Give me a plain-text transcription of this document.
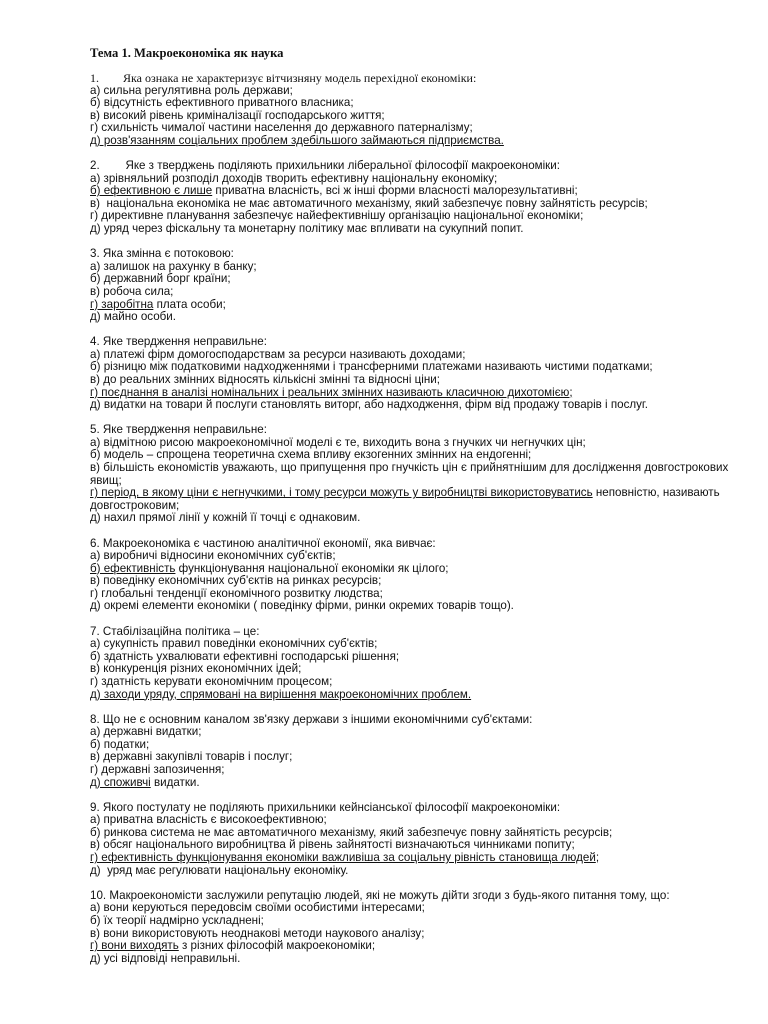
Тема 1. Макроекономіка як наука
1.        Яка ознака не характеризує вітчизняну модель перехідної економіки:
а) сильна регулятивна роль держави;
б) відсутність ефективного приватного власника;
в) високий рівень криміналізації господарського життя;
г) схильність чималої частини населення до державного патерналізму;
д) розв'язанням соціальних проблем здебільшого займаються підприємства.
2.        Яке з тверджень поділяють прихильники ліберальної філософії макроекономіки:
а) зрівняльний розподіл доходів творить ефективну національну економіку;
б) ефективною є лише приватна власність, всі ж інші форми власності малорезультативні;
в)  національна економіка не має автоматичного механізму, який забезпечує повну зайнятість ресурсів;
г) директивне планування забезпечує найефективнішу організацію національної економіки;
д) уряд через фіскальну та монетарну політику має впливати на сукупний попит.
3. Яка змінна є потоковою:
а) залишок на рахунку в банку;
б) державний борг країни;
в) робоча сила;
г) заробітна плата особи;
д) майно особи.
4. Яке твердження неправильне:
а) платежі фірм домогосподарствам за ресурси називають доходами;
б) різницю між податковими надходженнями і трансферними платежами називають чистими податками;
в) до реальних змінних відносять кількісні змінні та відносні ціни;
г) поєднання в аналізі номінальних і реальних змінних називають класичною дихотомією;
д) видатки на товари й послуги становлять виторг, або надходження, фірм від продажу товарів і послуг.
5. Яке твердження неправильне:
а) відмітною рисою макроекономічної моделі є те, виходить вона з гнучких чи негнучких цін;
б) модель – спрощена теоретична схема впливу екзогенних змінних на ендогенні;
в) більшість економістів уважають, що припущення про гнучкість цін є прийнятнішим для дослідження довгострокових явищ;
г) період, в якому ціни є негнучкими, і тому ресурси можуть у виробництві використовуватись неповністю, називають довгостроковим;
д) нахил прямої лінії у кожній її точці є однаковим.
6. Макроекономіка є частиною аналітичної економії, яка вивчає:
а) виробничі відносини економічних суб'єктів;
б) ефективність функціонування національної економіки як цілого;
в) поведінку економічних суб'єктів на ринках ресурсів;
г) глобальні тенденції економічного розвитку людства;
д) окремі елементи економіки ( поведінку фірми, ринки окремих товарів тощо).
7. Стабілізаційна політика – це:
а) сукупність правил поведінки економічних суб'єктів;
б) здатність ухвалювати ефективні господарські рішення;
в) конкуренція різних економічних ідей;
г) здатність керувати економічним процесом;
д) заходи уряду, спрямовані на вирішення макроекономічних проблем.
8. Що не є основним каналом зв'язку держави з іншими економічними суб'єктами:
а) державні видатки;
б) податки;
в) державні закупівлі товарів і послуг;
г) державні запозичення;
д) споживчі видатки.
9. Якого постулату не поділяють прихильники кейнсіанської філософії макроекономіки:
а) приватна власність є високоефективною;
б) ринкова система не має автоматичного механізму, який забезпечує повну зайнятість ресурсів;
в) обсяг національного виробництва й рівень зайнятості визначаються чинниками попиту;
г) ефективність функціонування економіки важливіша за соціальну рівність становища людей;
д)  уряд має регулювати національну економіку.
10. Макроекономісти заслужили репутацію людей, які не можуть дійти згоди з будь-якого питання тому, що:
а) вони керуються передовсім своїми особистими інтересами;
б) їх теорії надмірно ускладнені;
в) вони використовують неоднакові методи наукового аналізу;
г) вони виходять з різних філософій макроекономіки;
д) усі відповіді неправильні.
